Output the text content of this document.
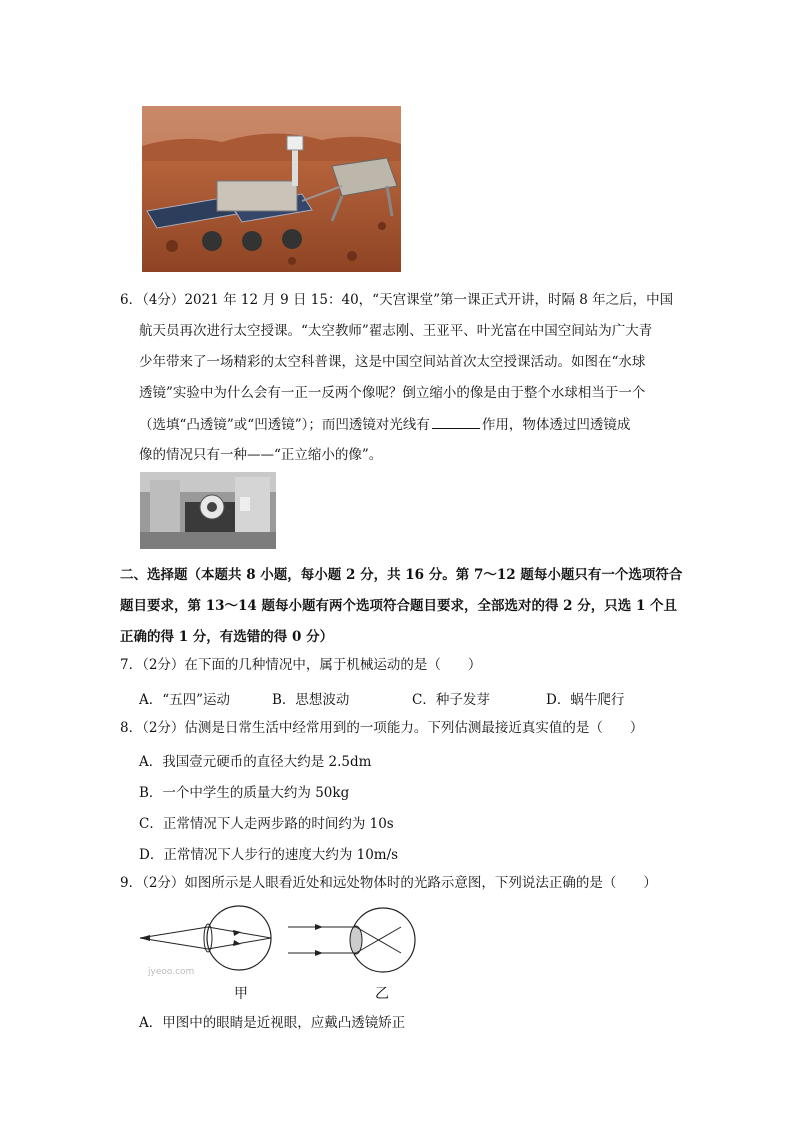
6．（4分）2021 年 12 月 9 日 15：40，“天宫课堂”第一课正式开讲，时隔 8 年之后，中国
航天员再次进行太空授课。“太空教师”翟志刚、王亚平、叶光富在中国空间站为广大青
少年带来了一场精彩的太空科普课，这是中国空间站首次太空授课活动。如图在“水球
透镜”实验中为什么会有一正一反两个像呢？倒立缩小的像是由于整个水球相当于一个
（选填“凸透镜”或“凹透镜”）；而凹透镜对光线有	作用，物体透过凹透镜成
像的情况只有一种——“正立缩小的像”。
二、选择题（本题共 8 小题，每小题 2 分，共 16 分。第 7～12 题每小题只有一个选项符合
题目要求，第 13～14 题每小题有两个选项符合题目要求，全部选对的得 2 分，只选 1 个且
正确的得 1 分，有选错的得 0 分）
7．（2分）在下面的几种情况中，属于机械运动的是（　　）
A．“五四”运动	B．思想波动	C．种子发芽	D．蜗牛爬行
8．（2分）估测是日常生活中经常用到的一项能力。下列估测最接近真实值的是（　　）
A．我国壹元硬币的直径大约是 2.5dm
B．一个中学生的质量大约为 50kg
C．正常情况下人走两步路的时间约为 10s
D．正常情况下人步行的速度大约为 10m/s
9．（2分）如图所示是人眼看近处和远处物体时的光路示意图，下列说法正确的是（　　）
jyeoo.com
甲	乙
A．甲图中的眼睛是近视眼，应戴凸透镜矫正
